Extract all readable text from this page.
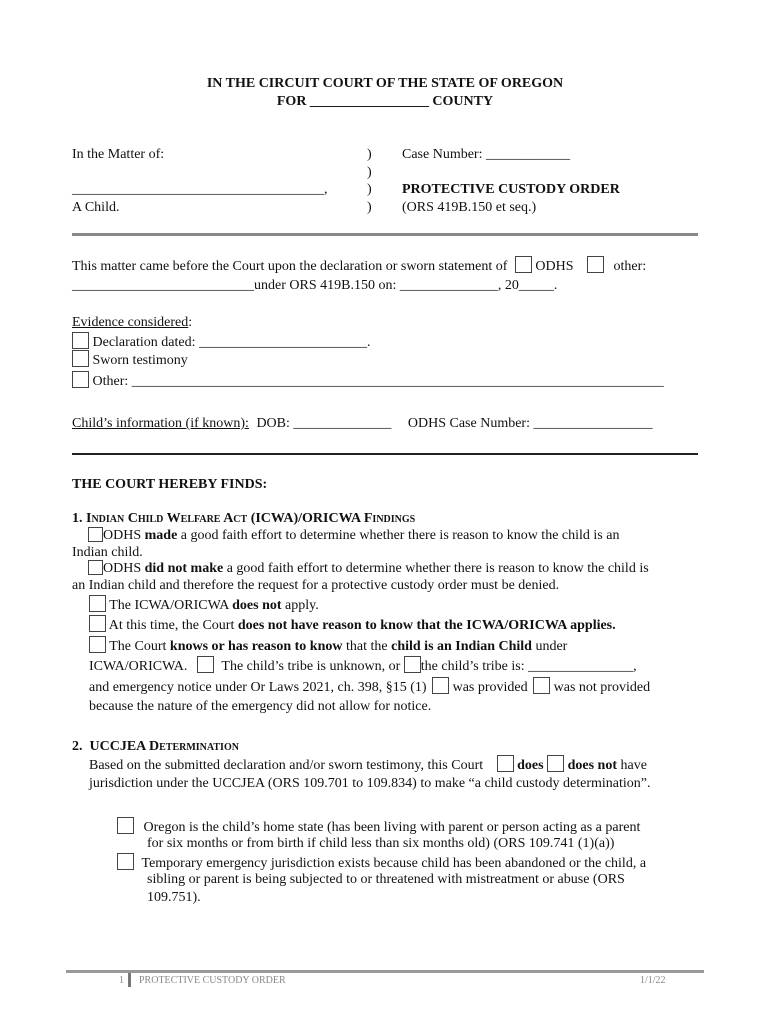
IN THE CIRCUIT COURT OF THE STATE OF OREGON
FOR _________________ COUNTY
In the Matter of:
____________________________________,
A Child.
)
)
)
)
Case Number: ____________
PROTECTIVE CUSTODY ORDER
(ORS 419B.150 et seq.)
This matter came before the Court upon the declaration or sworn statement of ODHS	other:
__________________________under ORS 419B.150 on: ______________, 20_____.
Evidence considered:
Declaration dated: ________________________.
Sworn testimony
Other: ____________________________________________________________________________
Child’s information (if known): DOB: ______________ ODHS Case Number: _________________
THE COURT HEREBY FINDS:
1. Indian Child Welfare Act (ICWA)/ORICWA Findings
ODHS made a good faith effort to determine whether there is reason to know the child is an
Indian child.
ODHS did not make a good faith effort to determine whether there is reason to know the child is
an Indian child and therefore the request for a protective custody order must be denied.
The ICWA/ORICWA does not apply.
At this time, the Court does not have reason to know that the ICWA/ORICWA applies.
The Court knows or has reason to know that the child is an Indian Child under
ICWA/ORICWA. The child’s tribe is unknown, or the child’s tribe is: _______________,
and emergency notice under Or Laws 2021, ch. 398, §15 (1) was provided was not provided
because the nature of the emergency did not allow for notice.
2. UCCJEA Determination
Based on the submitted declaration and/or sworn testimony, this Court does does not have
jurisdiction under the UCCJEA (ORS 109.701 to 109.834) to make “a child custody determination”.
Oregon is the child’s home state (has been living with parent or person acting as a parent
for six months or from birth if child less than six months old) (ORS 109.741 (1)(a))
Temporary emergency jurisdiction exists because child has been abandoned or the child, a
sibling or parent is being subjected to or threatened with mistreatment or abuse (ORS
109.751).
1 PROTECTIVE CUSTODY ORDER	1/1/22
